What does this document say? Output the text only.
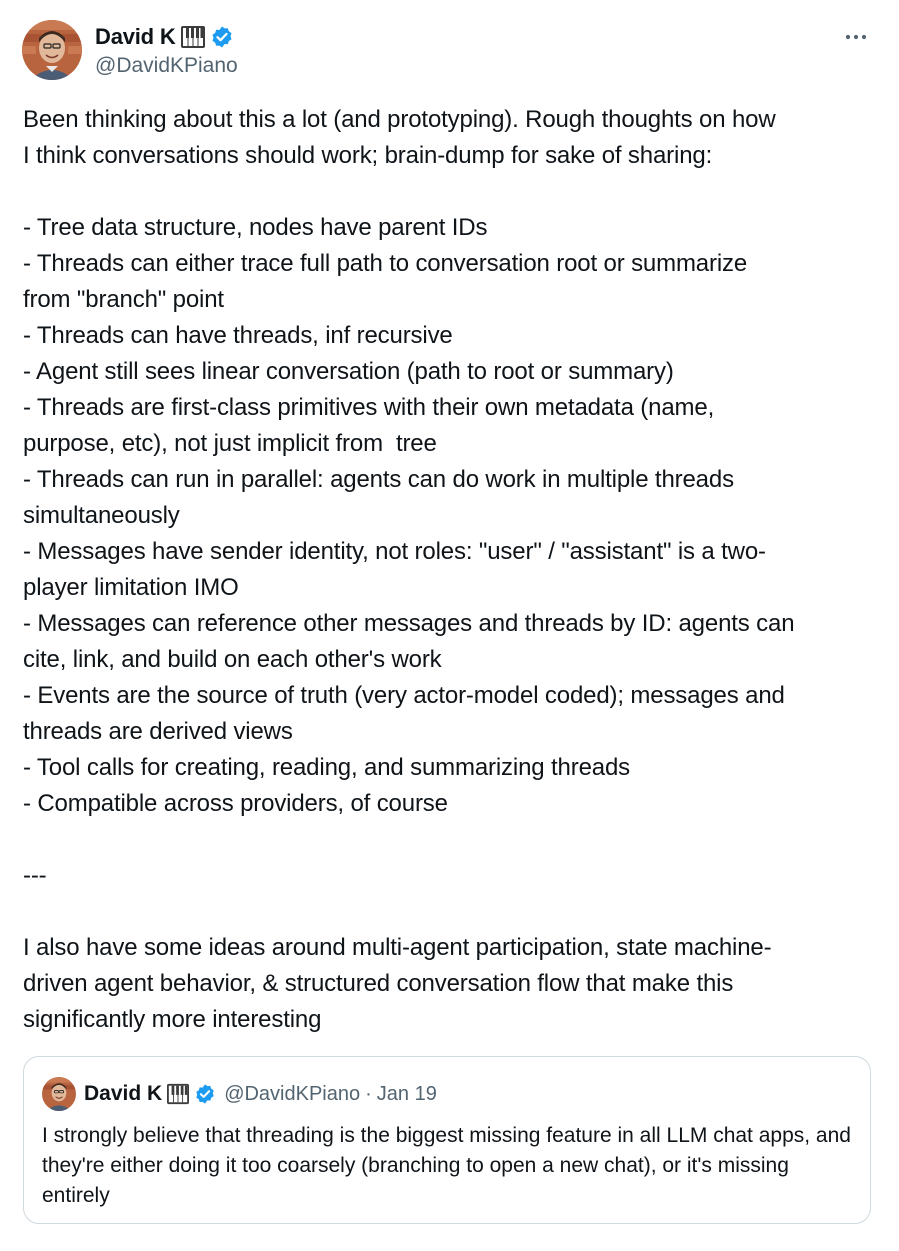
David K
@DavidKPiano
Been thinking about this a lot (and prototyping). Rough thoughts on how
I think conversations should work; brain-dump for sake of sharing:

- Tree data structure, nodes have parent IDs
- Threads can either trace full path to conversation root or summarize
from "branch" point
- Threads can have threads, inf recursive
- Agent still sees linear conversation (path to root or summary)
- Threads are first-class primitives with their own metadata (name,
purpose, etc), not just implicit from  tree
- Threads can run in parallel: agents can do work in multiple threads
simultaneously
- Messages have sender identity, not roles: "user" / "assistant" is a two-
player limitation IMO
- Messages can reference other messages and threads by ID: agents can
cite, link, and build on each other's work
- Events are the source of truth (very actor-model coded); messages and
threads are derived views
- Tool calls for creating, reading, and summarizing threads
- Compatible across providers, of course

---

I also have some ideas around multi-agent participation, state machine-
driven agent behavior, & structured conversation flow that make this
significantly more interesting
David K	@DavidKPiano · Jan 19
I strongly believe that threading is the biggest missing feature in all LLM chat apps, and they're either doing it too coarsely (branching to open a new chat), or it's missing entirely
